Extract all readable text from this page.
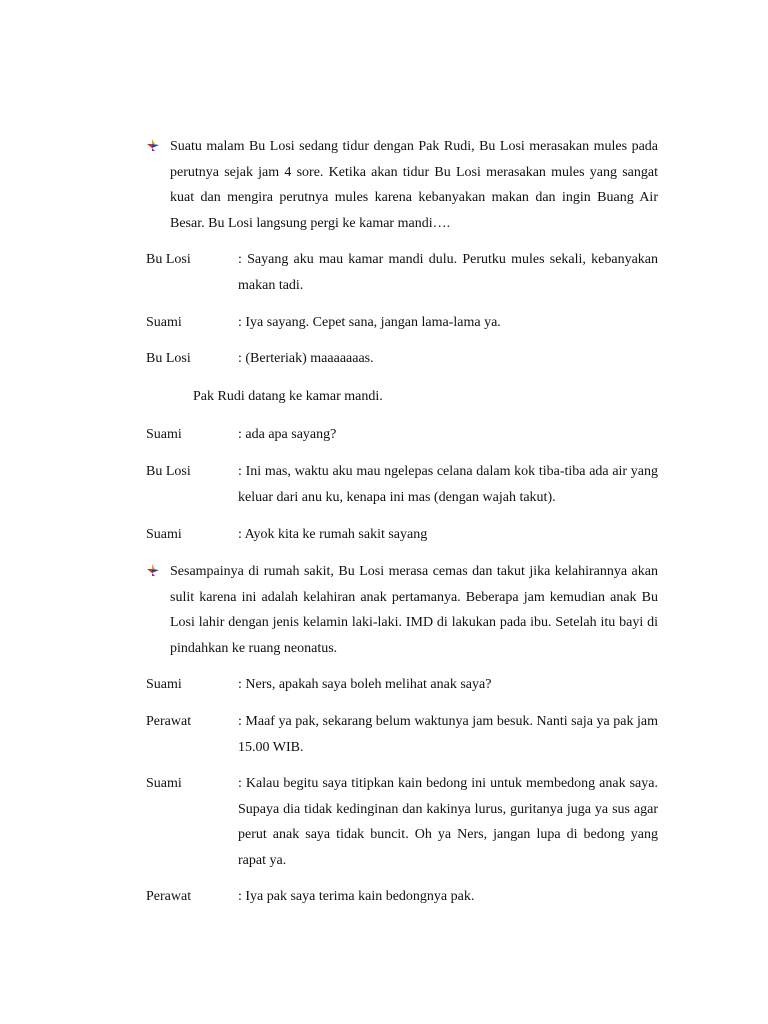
Suatu malam Bu Losi sedang tidur dengan Pak Rudi, Bu Losi merasakan mules pada perutnya sejak jam 4 sore. Ketika akan tidur Bu Losi merasakan mules yang sangat kuat dan mengira perutnya mules karena kebanyakan makan dan ingin Buang Air Besar. Bu Losi langsung pergi ke kamar mandi….
Bu Losi	: Sayang aku mau kamar mandi dulu. Perutku mules sekali, kebanyakan makan tadi.
Suami	: Iya sayang. Cepet sana, jangan lama-lama ya.
Bu Losi	: (Berteriak) maaaaaaas.
Pak Rudi datang ke kamar mandi.
Suami	: ada apa sayang?
Bu Losi	: Ini mas, waktu aku mau ngelepas celana dalam kok tiba-tiba ada air yang keluar dari anu ku, kenapa ini mas (dengan wajah takut).
Suami	: Ayok kita ke rumah sakit sayang
Sesampainya di rumah sakit, Bu Losi merasa cemas dan takut jika kelahirannya akan sulit karena ini adalah kelahiran anak pertamanya. Beberapa jam kemudian anak Bu Losi lahir dengan jenis kelamin laki-laki. IMD di lakukan pada ibu. Setelah itu bayi di pindahkan ke ruang neonatus.
Suami	: Ners, apakah saya boleh melihat anak saya?
Perawat	: Maaf ya pak, sekarang belum waktunya jam besuk. Nanti saja ya pak jam 15.00 WIB.
Suami	: Kalau begitu saya titipkan kain bedong ini untuk membedong anak saya. Supaya dia tidak kedinginan dan kakinya lurus, guritanya juga ya sus agar perut anak saya tidak buncit. Oh ya Ners, jangan lupa di bedong yang rapat ya.
Perawat	: Iya pak saya terima kain bedongnya pak.
